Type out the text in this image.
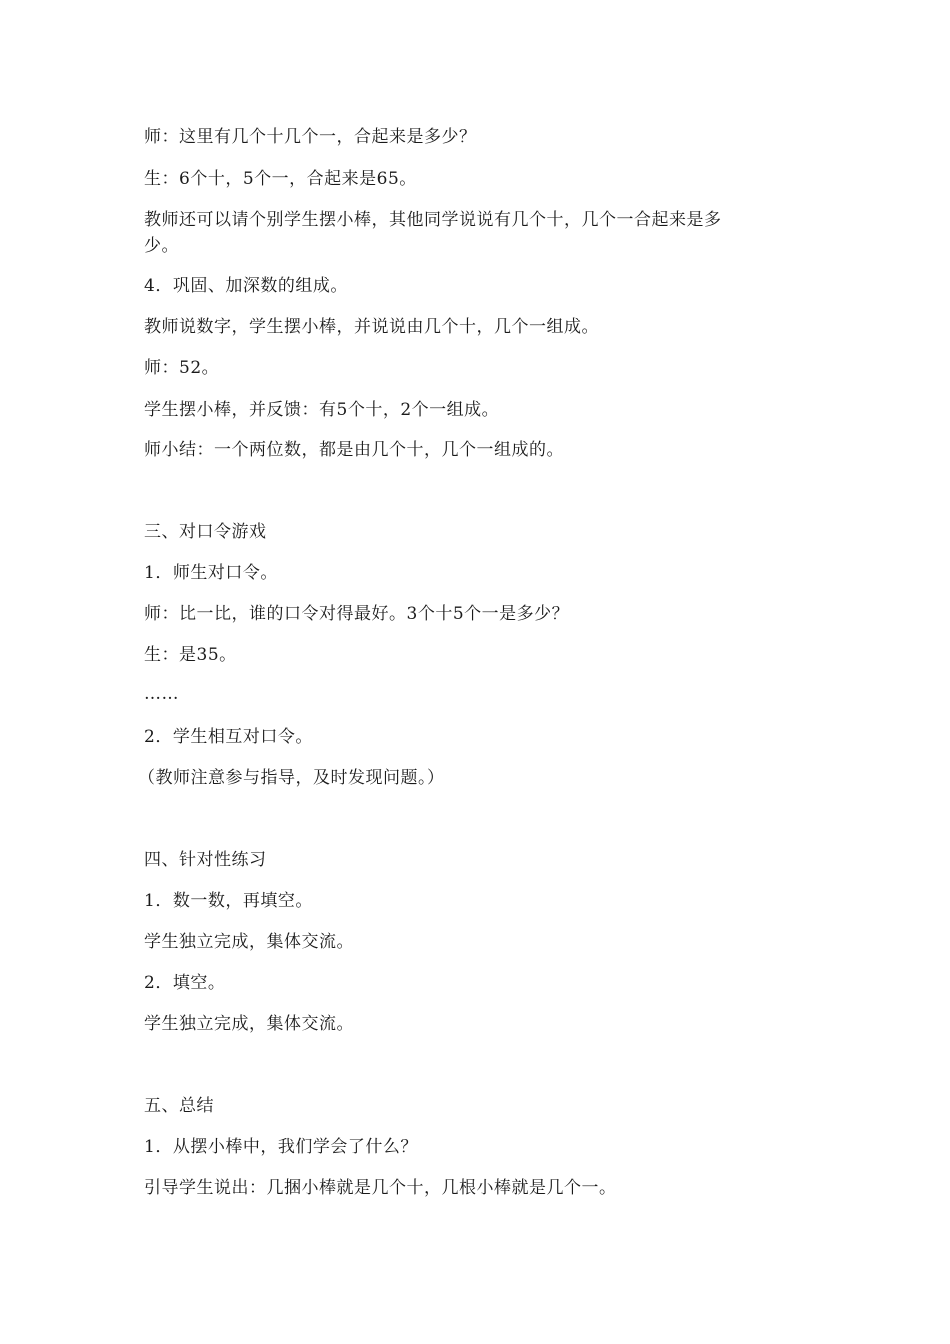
师：这里有几个十几个一，合起来是多少？
生：6个十，5个一，合起来是65。
教师还可以请个别学生摆小棒，其他同学说说有几个十，几个一合起来是多
少。
4．巩固、加深数的组成。
教师说数字，学生摆小棒，并说说由几个十，几个一组成。
师：52。
学生摆小棒，并反馈：有5个十，2个一组成。
师小结：一个两位数，都是由几个十，几个一组成的。
三、对口令游戏
1．师生对口令。
师：比一比，谁的口令对得最好。3个十5个一是多少？
生：是35。
……
2．学生相互对口令。
（教师注意参与指导，及时发现问题。）
四、针对性练习
1．数一数，再填空。
学生独立完成，集体交流。
2．填空。
学生独立完成，集体交流。
五、总结
1．从摆小棒中，我们学会了什么？
引导学生说出：几捆小棒就是几个十，几根小棒就是几个一。
